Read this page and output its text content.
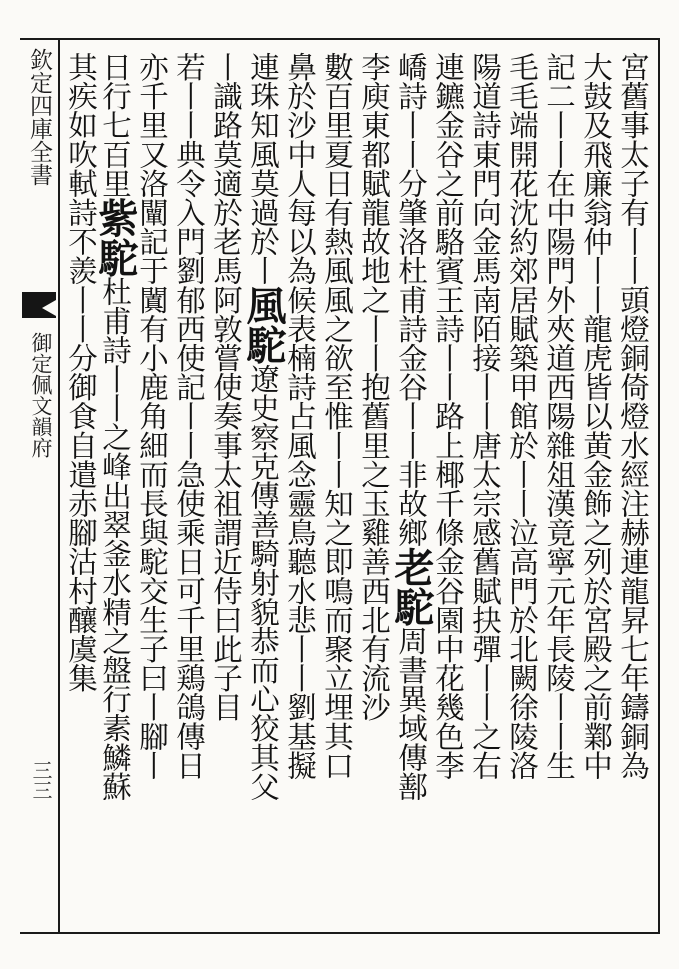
欽定四庫全書
御定佩文韻府
三三
宮舊事太子有丨丨頭燈銅倚燈水經注赫連龍昇七年鑄銅為
大鼓及飛廉翁仲丨丨龍虎皆以黄金飾之列於宮殿之前鄴中
記二丨丨在中陽門外夾道西陽雜俎漢竟寧元年長陵丨丨生
毛毛端開花沈約郊居賦築甲館於丨丨泣高門於北闕徐陵洛
陽道詩東門向金馬南陌接丨丨唐太宗感舊賦抉彈丨丨之右
連鑣金谷之前駱賓王詩丨丨路上椰千條金谷園中花幾色李
嶠詩丨丨分肇洛杜甫詩金谷丨丨非故鄉老駝周書異域傳鄯
李庾東都賦龍故地之丨丨抱舊里之玉雞善西北有流沙
數百里夏日有熱風風之欲至惟丨丨知之即鳴而聚立埋其口
鼻於沙中人每以為候表楠詩占風念靈鳥聽水悲丨丨劉基擬
連珠知風莫過於丨風駝遼史察克傳善騎射貌恭而心狡其父
丨識路莫適於老馬阿敦嘗使奏事太祖謂近侍曰此子目
若丨丨典令入門劉郁西使記丨丨急使乘日可千里鶏鴿傳日
亦千里又洛闡記于闐有小鹿角細而長與駝交生子曰丨腳丨
日行七百里紫駝杜甫詩丨丨之峰出翠釜水精之盤行素鱗蘇
其疾如吹軾詩不羨丨丨分御食自遣赤腳沽村釀虞集
